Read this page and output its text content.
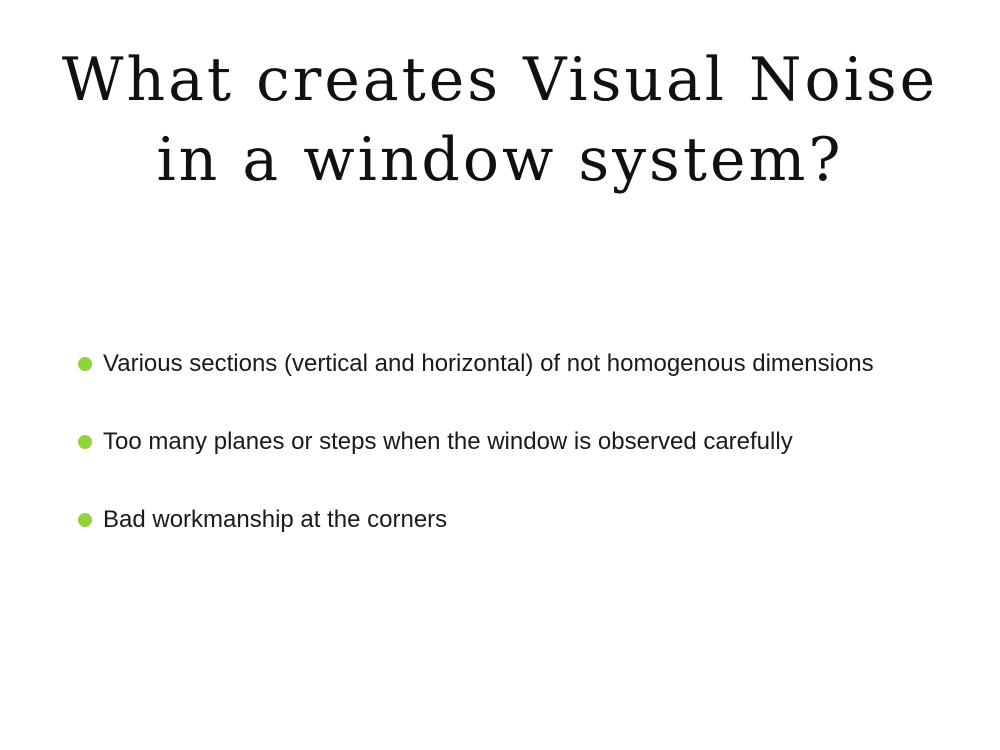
What creates Visual Noise
in a window system?
Various sections (vertical and horizontal) of not homogenous dimensions
Too many planes or steps when the window is observed carefully
Bad workmanship at the corners
